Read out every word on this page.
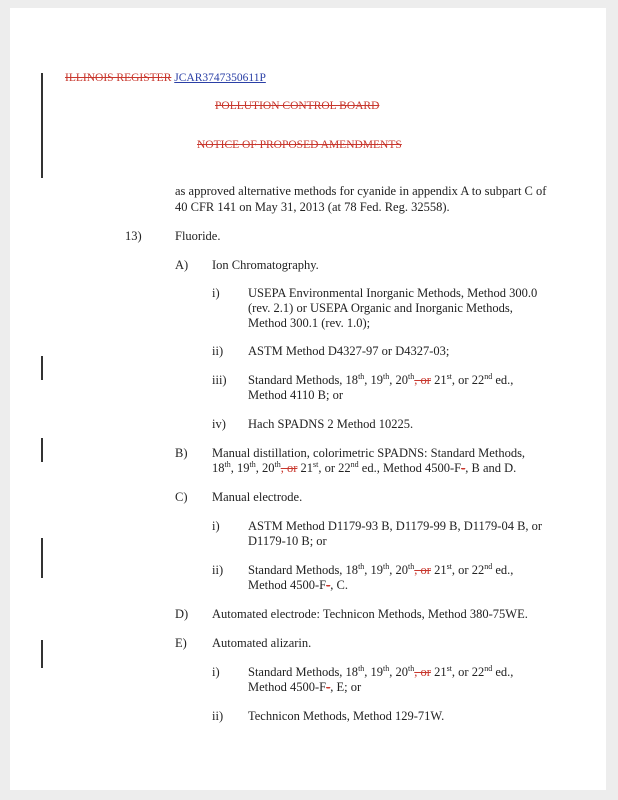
ILLINOIS REGISTER JCAR3747350611P
POLLUTION CONTROL BOARD
NOTICE OF PROPOSED AMENDMENTS
as approved alternative methods for cyanide in appendix A to subpart C of
40 CFR 141 on May 31, 2013 (at 78 Fed. Reg. 32558).
13)	Fluoride.
A) Ion Chromatography.
i) USEPA Environmental Inorganic Methods, Method 300.0
(rev. 2.1) or USEPA Organic and Inorganic Methods,
Method 300.1 (rev. 1.0);
ii) ASTM Method D4327-97 or D4327-03;
iii) Standard Methods, 18th, 19th, 20th, or 21st, or 22nd ed.,
Method 4110 B; or
iv) Hach SPADNS 2 Method 10225.
B) Manual distillation, colorimetric SPADNS: Standard Methods,
18th, 19th, 20th, or 21st, or 22nd ed., Method 4500-F-, B and D.
C) Manual electrode.
i) ASTM Method D1179-93 B, D1179-99 B, D1179-04 B, or
D1179-10 B; or
ii) Standard Methods, 18th, 19th, 20th, or 21st, or 22nd ed.,
Method 4500-F-, C.
D) Automated electrode: Technicon Methods, Method 380-75WE.
E) Automated alizarin.
i) Standard Methods, 18th, 19th, 20th, or 21st, or 22nd ed.,
Method 4500-F-, E; or
ii) Technicon Methods, Method 129-71W.
